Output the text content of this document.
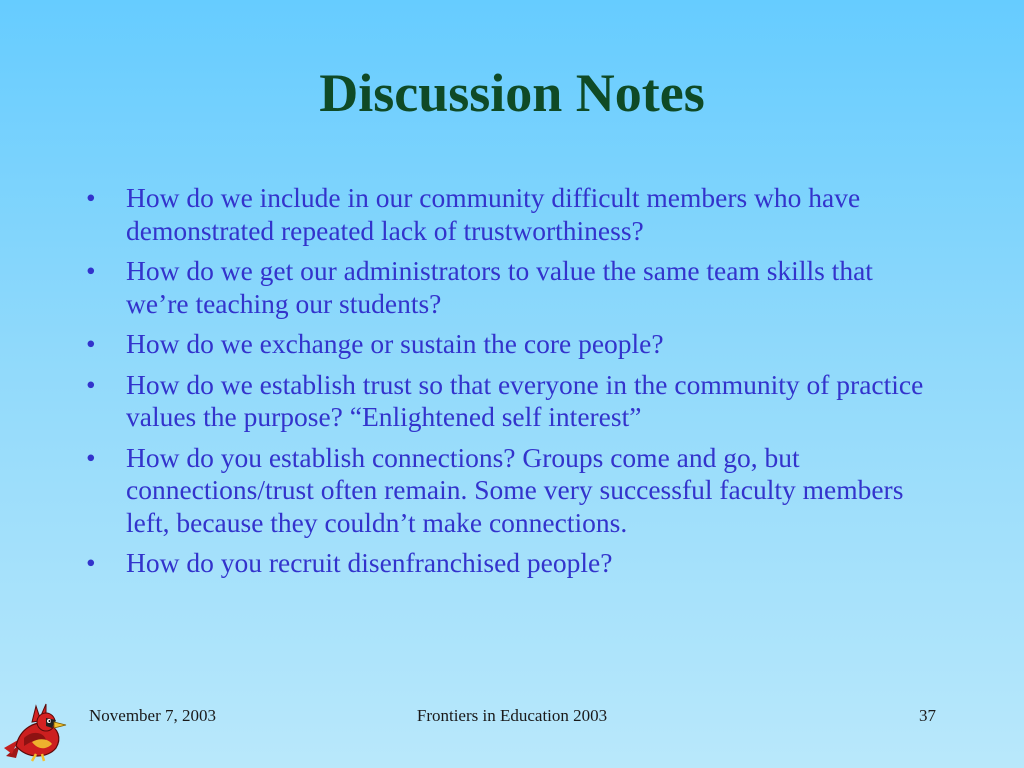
Discussion Notes
•	How do we include in our community difficult members who have demonstrated repeated lack of trustworthiness?
•	How do we get our administrators to value the same team skills that we’re teaching our students?
•	How do we exchange or sustain the core people?
•	How do we establish trust so that everyone in the community of practice values the purpose? “Enlightened self interest”
•	How do you establish connections? Groups come and go, but connections/trust often remain. Some very successful faculty members left, because they couldn’t make connections.
•	How do you recruit disenfranchised people?
November 7, 2003	Frontiers in Education 2003	37
